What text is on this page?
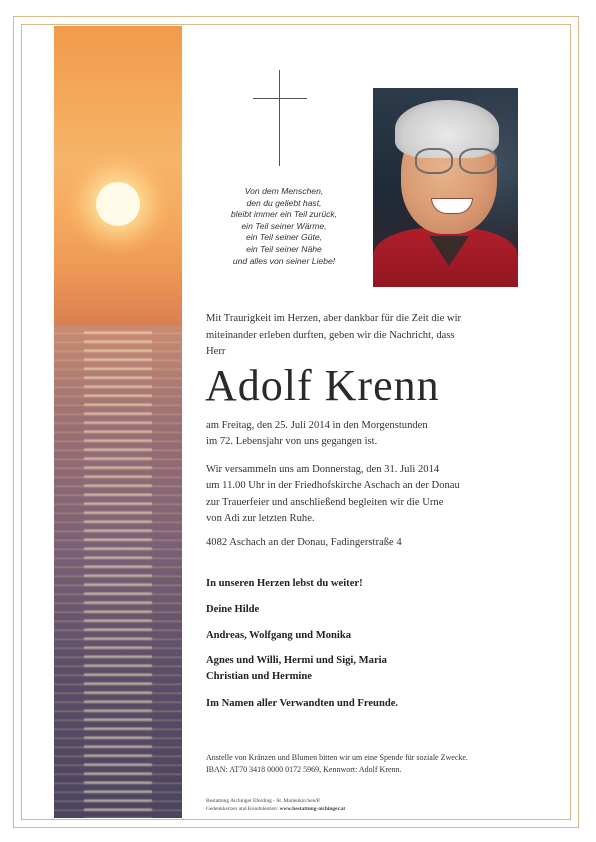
Von dem Menschen,
den du geliebt hast,
bleibt immer ein Teil zurück,
ein Teil seiner Wärme,
ein Teil seiner Güte,
ein Teil seiner Nähe
und alles von seiner Liebe!
Mit Traurigkeit im Herzen, aber dankbar für die Zeit die wir
miteinander erleben durften, geben wir die Nachricht, dass
Herr
Adolf Krenn
am Freitag, den 25. Juli 2014 in den Morgenstunden
im 72. Lebensjahr von uns gegangen ist.
Wir versammeln uns am Donnerstag, den 31. Juli 2014
um 11.00 Uhr in der Friedhofskirche Aschach an der Donau
zur Trauerfeier und anschließend begleiten wir die Urne
von Adi zur letzten Ruhe.
4082 Aschach an der Donau, Fadingerstraße 4
In unseren Herzen lebst du weiter!
Deine Hilde
Andreas, Wolfgang und Monika
Agnes und Willi, Hermi und Sigi, Maria
Christian und Hermine
Im Namen aller Verwandten und Freunde.
Anstelle von Kränzen und Blumen bitten wir um eine Spende für soziale Zwecke.
IBAN: AT70 3418 0000 0172 5969, Kennwort: Adolf Krenn.
Bestattung Aichinger Eferding - St. Marienkirchen/P.
Gedenkkerzen und Kondolenzen: www.bestattung-aichinger.at
